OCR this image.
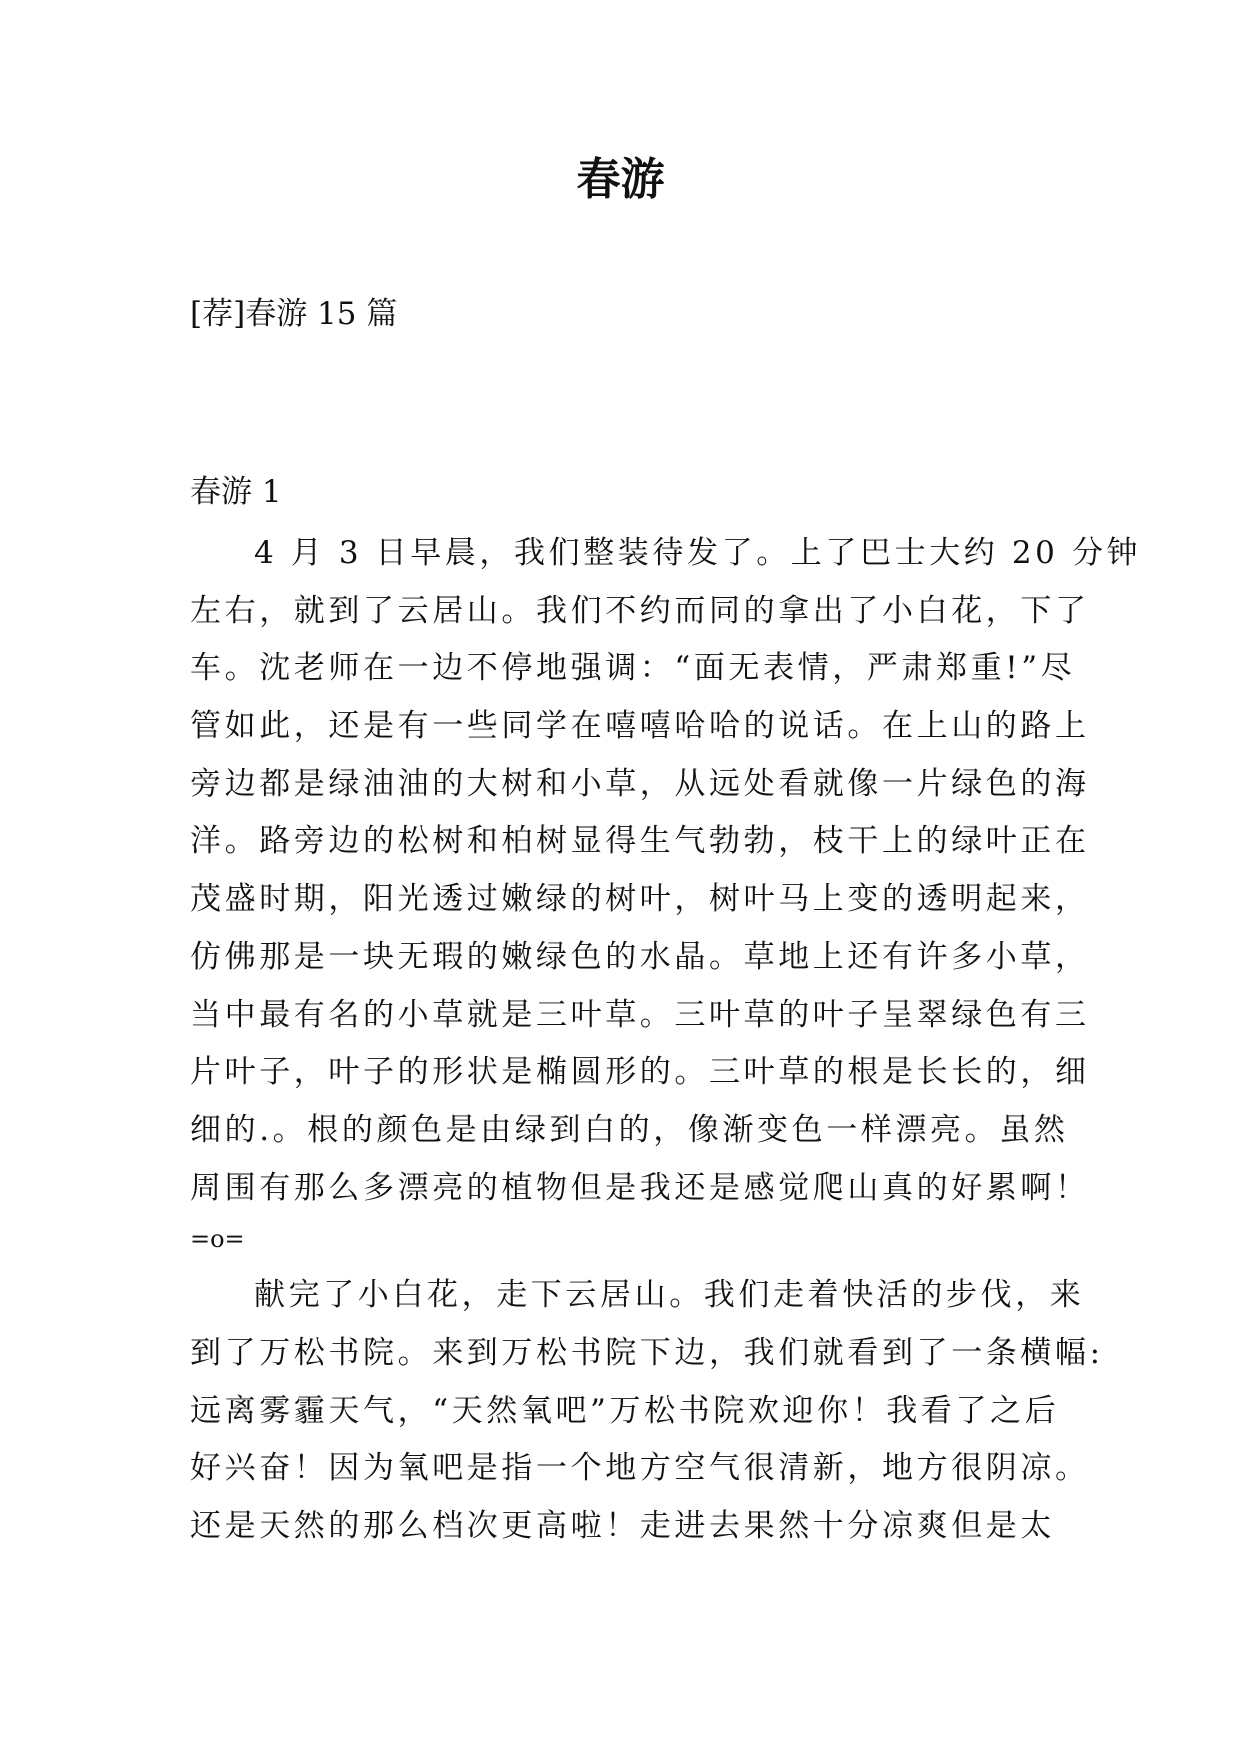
春游

[荐]春游 15 篇

春游 1

4 月 3 日早晨，我们整装待发了。上了巴士大约 20 分钟
左右，就到了云居山。我们不约而同的拿出了小白花，下了
车。沈老师在一边不停地强调：“面无表情，严肃郑重!”尽
管如此，还是有一些同学在嘻嘻哈哈的说话。在上山的路上
旁边都是绿油油的大树和小草，从远处看就像一片绿色的海
洋。路旁边的松树和柏树显得生气勃勃，枝干上的绿叶正在
茂盛时期，阳光透过嫩绿的树叶，树叶马上变的透明起来，
仿佛那是一块无瑕的嫩绿色的水晶。草地上还有许多小草，
当中最有名的小草就是三叶草。三叶草的叶子呈翠绿色有三
片叶子，叶子的形状是椭圆形的。三叶草的根是长长的，细
细的.。根的颜色是由绿到白的，像渐变色一样漂亮。虽然
周围有那么多漂亮的植物但是我还是感觉爬山真的好累啊！
=o=
献完了小白花，走下云居山。我们走着快活的步伐，来
到了万松书院。来到万松书院下边，我们就看到了一条横幅:
远离雾霾天气，“天然氧吧”万松书院欢迎你！我看了之后
好兴奋！因为氧吧是指一个地方空气很清新，地方很阴凉。
还是天然的那么档次更高啦！走进去果然十分凉爽但是太
